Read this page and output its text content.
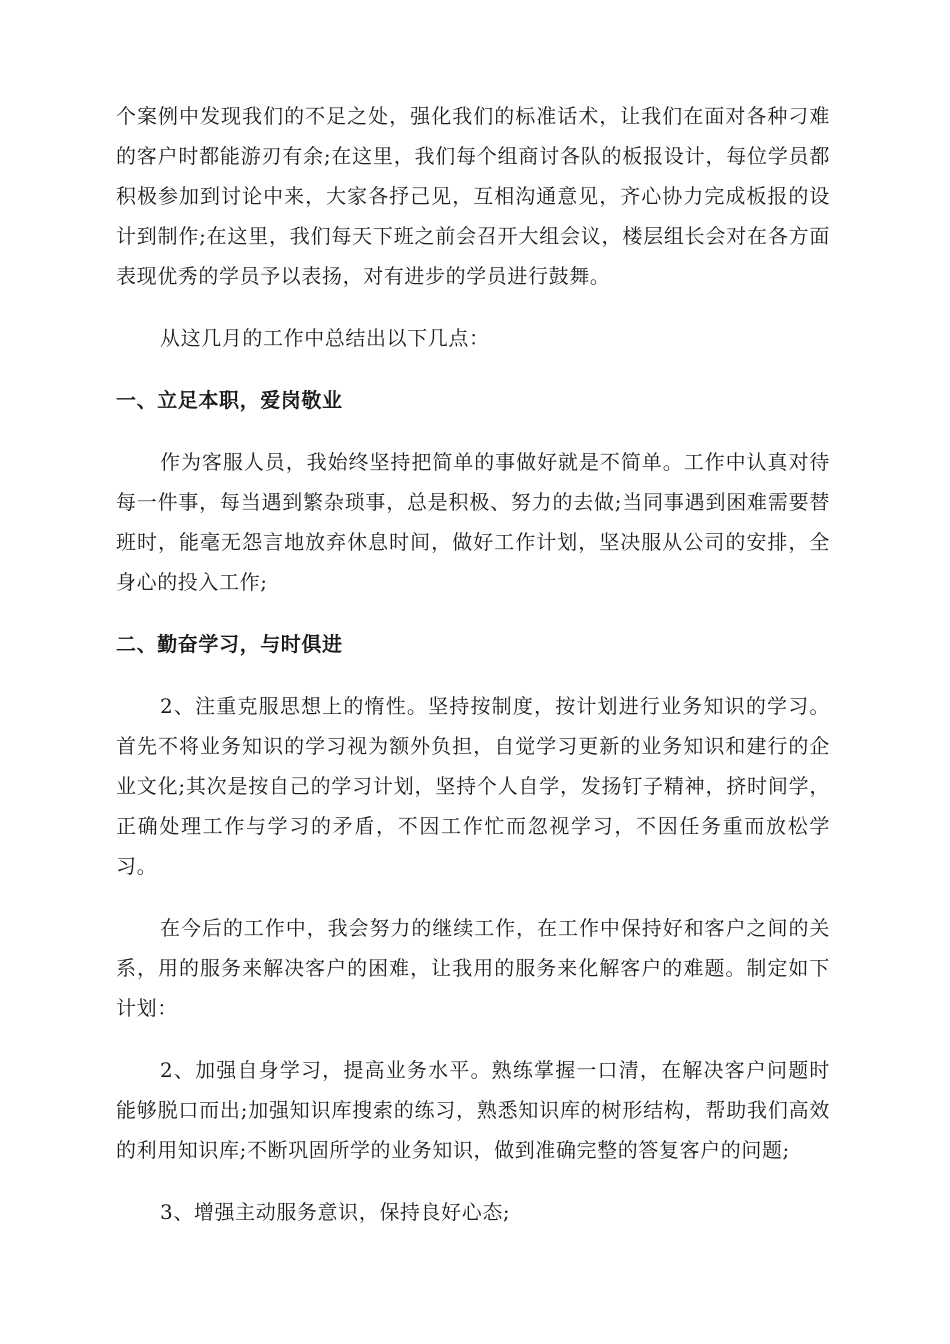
个案例中发现我们的不足之处，强化我们的标准话术，让我们在面对各种刁难的客户时都能游刃有余;在这里，我们每个组商讨各队的板报设计，每位学员都积极参加到讨论中来，大家各抒己见，互相沟通意见，齐心协力完成板报的设计到制作;在这里，我们每天下班之前会召开大组会议，楼层组长会对在各方面表现优秀的学员予以表扬，对有进步的学员进行鼓舞。

从这几月的工作中总结出以下几点：

一、立足本职，爱岗敬业

作为客服人员，我始终坚持把简单的事做好就是不简单。工作中认真对待每一件事，每当遇到繁杂琐事，总是积极、努力的去做;当同事遇到困难需要替班时，能毫无怨言地放弃休息时间，做好工作计划，坚决服从公司的安排，全身心的投入工作;

二、勤奋学习，与时俱进

2、注重克服思想上的惰性。坚持按制度，按计划进行业务知识的学习。首先不将业务知识的学习视为额外负担，自觉学习更新的业务知识和建行的企业文化;其次是按自己的学习计划，坚持个人自学，发扬钉子精神，挤时间学，正确处理工作与学习的矛盾，不因工作忙而忽视学习，不因任务重而放松学习。

在今后的工作中，我会努力的继续工作，在工作中保持好和客户之间的关系，用的服务来解决客户的困难，让我用的服务来化解客户的难题。制定如下计划：

2、加强自身学习，提高业务水平。熟练掌握一口清，在解决客户问题时能够脱口而出;加强知识库搜索的练习，熟悉知识库的树形结构，帮助我们高效的利用知识库;不断巩固所学的业务知识，做到准确完整的答复客户的问题;

3、增强主动服务意识，保持良好心态;
